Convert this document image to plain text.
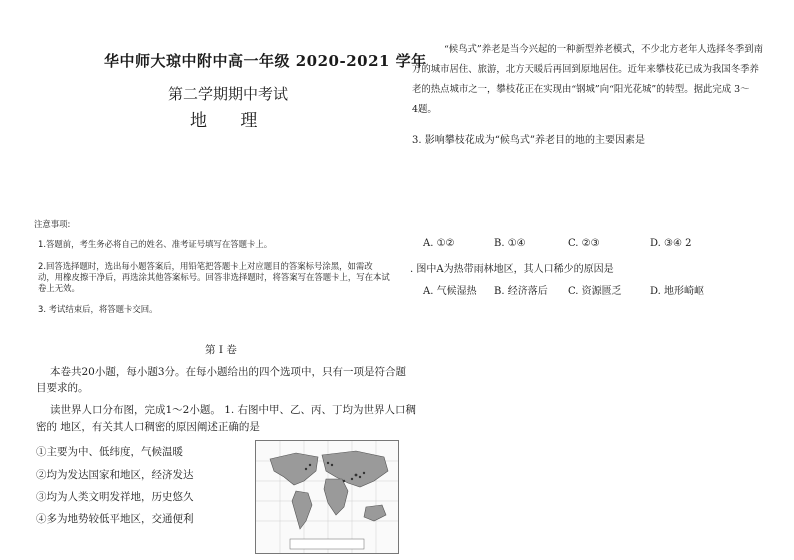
华中师大琼中附中高一年级 2020-2021 学年
第二学期期中考试
地 理
注意事项:
1.答题前，考生务必将自己的姓名、准考证号填写在答题卡上。
2.回答选择题时，选出每小题答案后，用铅笔把答题卡上对应题目的答案标号涂黑，如需改
动，用橡皮擦干净后，再选涂其他答案标号。回答非选择题时，将答案写在答题卡上，写在本试
卷上无效。
3. 考试结束后，将答题卡交回。
第 I 卷
本卷共20小题，每小题3分。在每小题给出的四个选项中，只有一项是符合题
目要求的。
读世界人口分布图，完成1～2小题。 1. 右图中甲、乙、丙、丁均为世界人口稠
密的 地区，有关其人口稠密的原因阐述正确的是
①主要为中、低纬度，气候温暖
②均为发达国家和地区，经济发达
③均为人类文明发祥地，历史悠久
④多为地势较低平地区，交通便利
“候鸟式”养老是当今兴起的一种新型养老模式，不少北方老年人选择冬季到南
方的城市居住、旅游，北方天暖后再回到原地居住。近年来攀枝花已成为我国冬季养
老的热点城市之一，攀枝花正在实现由“钢城”向“阳光花城”的转型。据此完成 3～
4题。
3. 影响攀枝花成为“候鸟式”养老目的地的主要因素是
A. ①②	B. ①④	C. ②③	D. ③④ 2
. 图中A为热带雨林地区，其人口稀少的原因是
A. 气候湿热 B. 经济落后 C. 资源匮乏	D. 地形崎岖
